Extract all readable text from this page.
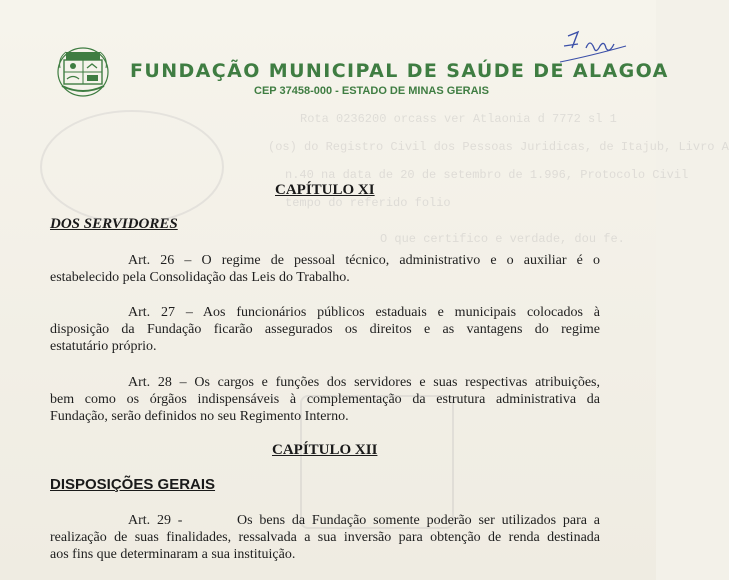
Rota 0236200 orcass ver Atlaonia d 7772 sl 1
(os) do Registro Civil dos Pessoas Juridicas, de Itajub, Livro A
n.40 na data de 20 de setembro de 1.996, Protocolo Civil
tempo do referido folio
O que certifico e verdade, dou fe.
FUNDAÇÃO MUNICIPAL DE SAÚDE DE ALAGOA
CEP 37458-000 - ESTADO DE MINAS GERAIS
CAPÍTULO XI
DOS SERVIDORES
Art. 26 – O regime de pessoal técnico, administrativo e o auxiliar é o
estabelecido pela Consolidação das Leis do Trabalho.
Art. 27 – Aos funcionários públicos estaduais e municipais colocados à
disposição da Fundação ficarão assegurados os direitos e as vantagens do regime
estatutário próprio.
Art. 28 – Os cargos e funções dos servidores e suas respectivas atribuições,
bem como os órgãos indispensáveis à complementação da estrutura administrativa da
Fundação, serão definidos no seu Regimento Interno.
CAPÍTULO XII
DISPOSIÇÕES GERAIS
Art. 29 -        Os bens da Fundação somente poderão ser utilizados para a
realização de suas finalidades, ressalvada a sua inversão para obtenção de renda destinada
aos fins que determinaram a sua instituição.
